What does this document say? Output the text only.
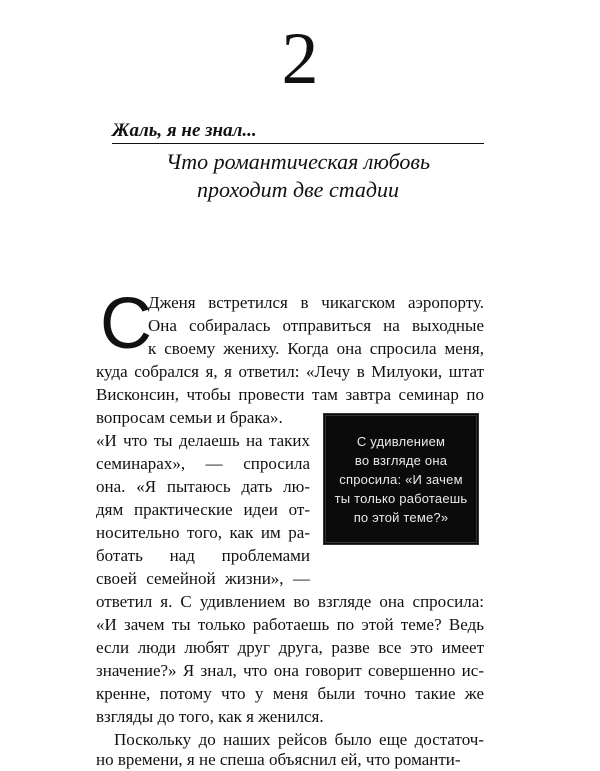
2
Жаль, я не знал...
Что романтическая любовь
проходит две стадии
С
Дженя встретился в чикагском аэропорту.
Она собиралась отправиться на выходные
к своему жениху. Когда она спросила меня,
куда собрался я, я ответил: «Лечу в Милуоки, штат
Висконсин, чтобы провести там завтра семинар по
вопросам семьи и брака».
«И что ты делаешь на таких
семинарах», — спросила
она. «Я пытаюсь дать лю-
дям практические идеи от-
носительно того, как им ра-
ботать над проблемами
своей семейной жизни», —
ответил я. С удивлением во взгляде она спросила:
«И зачем ты только работаешь по этой теме? Ведь
если люди любят друг друга, разве все это имеет
значение?» Я знал, что она говорит совершенно ис-
кренне, потому что у меня были точно такие же
взгляды до того, как я женился.
Поскольку до наших рейсов было еще достаточ-
С удивлением
во взгляде она
спросила: «И зачем
ты только работаешь
по этой теме?»
но времени, я не спеша объяснил ей, что романти-
